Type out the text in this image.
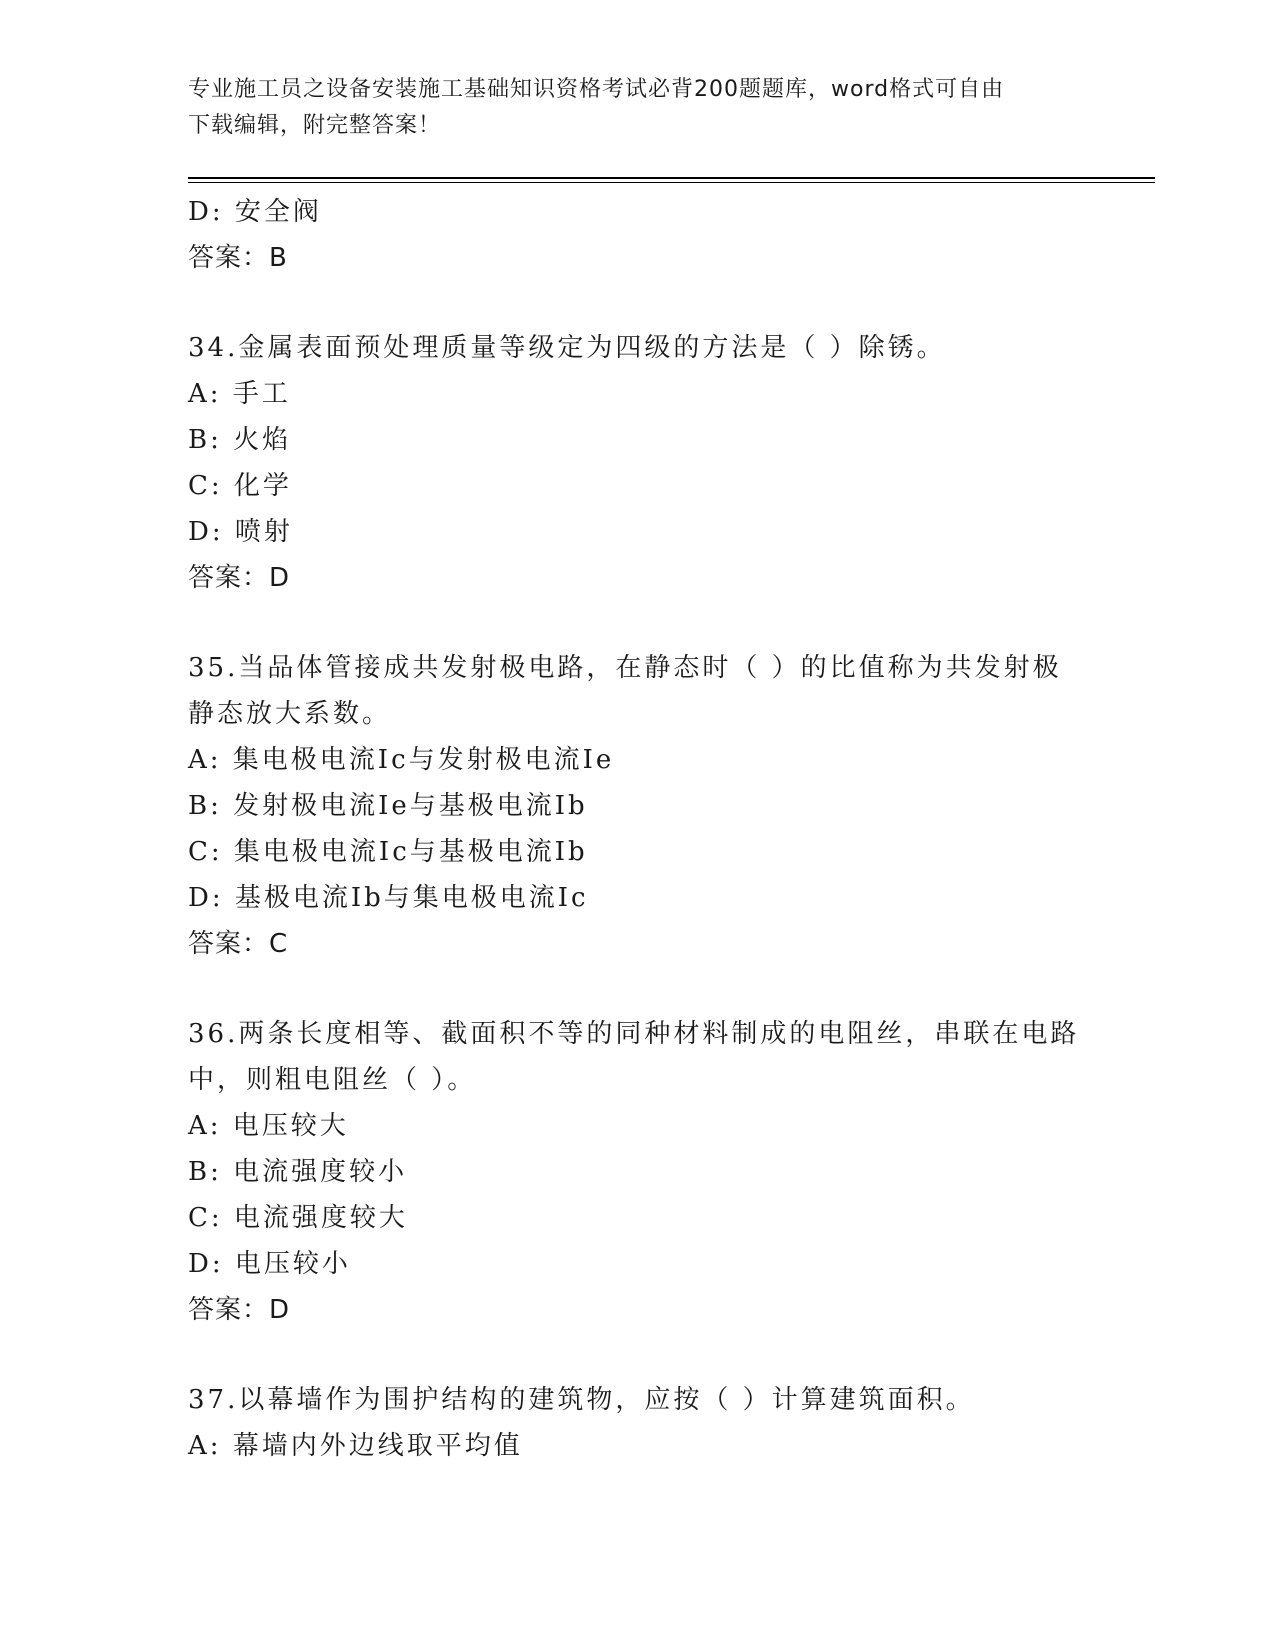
专业施工员之设备安装施工基础知识资格考试必背200题题库，word格式可自由
下载编辑，附完整答案！
D: 安全阀
答案：B
34.金属表面预处理质量等级定为四级的方法是（ ）除锈。
A: 手工
B: 火焰
C: 化学
D: 喷射
答案：D
35.当品体管接成共发射极电路，在静态时（ ）的比值称为共发射极
静态放大系数。
A: 集电极电流Ic与发射极电流Ie
B: 发射极电流Ie与基极电流Ib
C: 集电极电流Ic与基极电流Ib
D: 基极电流Ib与集电极电流Ic
答案：C
36.两条长度相等、截面积不等的同种材料制成的电阻丝，串联在电路
中，则粗电阻丝（ ）。
A: 电压较大
B: 电流强度较小
C: 电流强度较大
D: 电压较小
答案：D
37.以幕墙作为围护结构的建筑物，应按（ ）计算建筑面积。
A: 幕墙内外边线取平均值
